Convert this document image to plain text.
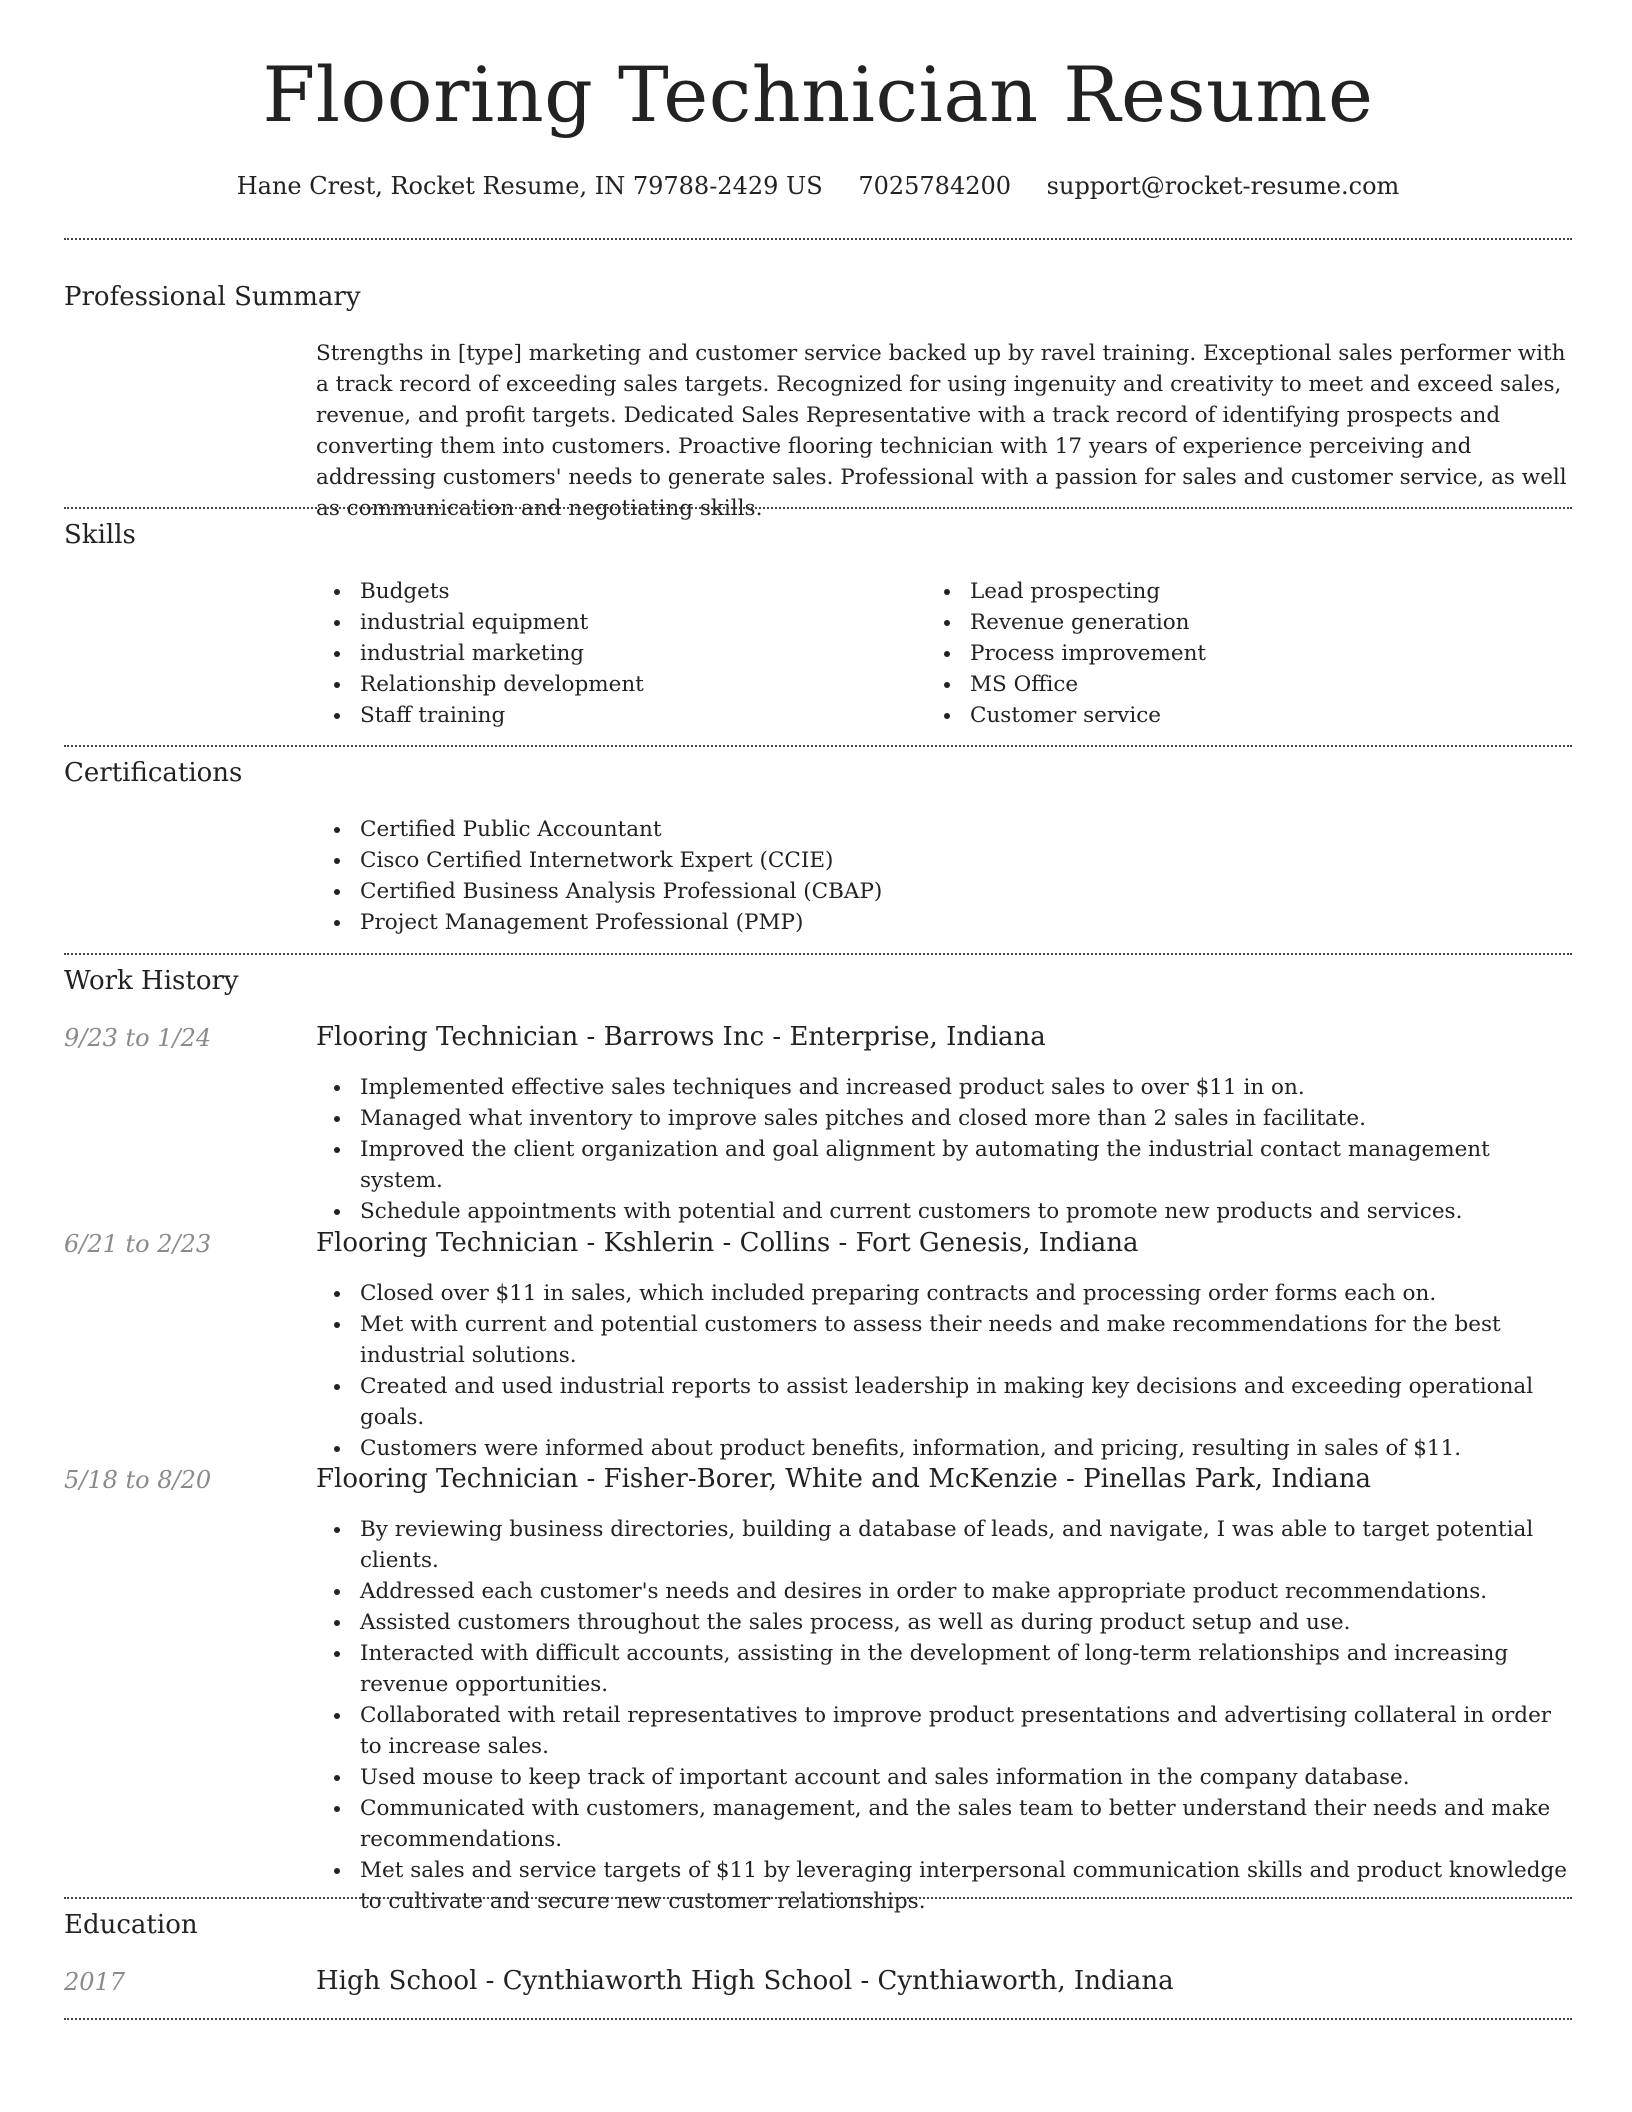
Flooring Technician Resume
Hane Crest, Rocket Resume, IN 79788-2429 US 7025784200 support@rocket-resume.com
Professional Summary
Strengths in [type] marketing and customer service backed up by ravel training. Exceptional sales performer with a track record of exceeding sales targets. Recognized for using ingenuity and creativity to meet and exceed sales, revenue, and profit targets. Dedicated Sales Representative with a track record of identifying prospects and converting them into customers. Proactive flooring technician with 17 years of experience perceiving and addressing customers' needs to generate sales. Professional with a passion for sales and customer service, as well as communication and negotiating skills.
Skills
Budgets
industrial equipment
industrial marketing
Relationship development
Staff training
Lead prospecting
Revenue generation
Process improvement
MS Office
Customer service
Certifications
Certified Public Accountant
Cisco Certified Internetwork Expert (CCIE)
Certified Business Analysis Professional (CBAP)
Project Management Professional (PMP)
Work History
9/23 to 1/24	Flooring Technician - Barrows Inc - Enterprise, Indiana
Implemented effective sales techniques and increased product sales to over $11 in on.
Managed what inventory to improve sales pitches and closed more than 2 sales in facilitate.
Improved the client organization and goal alignment by automating the industrial contact management system.
Schedule appointments with potential and current customers to promote new products and services.
6/21 to 2/23	Flooring Technician - Kshlerin - Collins - Fort Genesis, Indiana
Closed over $11 in sales, which included preparing contracts and processing order forms each on.
Met with current and potential customers to assess their needs and make recommendations for the best industrial solutions.
Created and used industrial reports to assist leadership in making key decisions and exceeding operational goals.
Customers were informed about product benefits, information, and pricing, resulting in sales of $11.
5/18 to 8/20	Flooring Technician - Fisher-Borer, White and McKenzie - Pinellas Park, Indiana
By reviewing business directories, building a database of leads, and navigate, I was able to target potential clients.
Addressed each customer's needs and desires in order to make appropriate product recommendations.
Assisted customers throughout the sales process, as well as during product setup and use.
Interacted with difficult accounts, assisting in the development of long-term relationships and increasing revenue opportunities.
Collaborated with retail representatives to improve product presentations and advertising collateral in order to increase sales.
Used mouse to keep track of important account and sales information in the company database.
Communicated with customers, management, and the sales team to better understand their needs and make recommendations.
Met sales and service targets of $11 by leveraging interpersonal communication skills and product knowledge to cultivate and secure new customer relationships.
Education
2017	High School - Cynthiaworth High School - Cynthiaworth, Indiana
